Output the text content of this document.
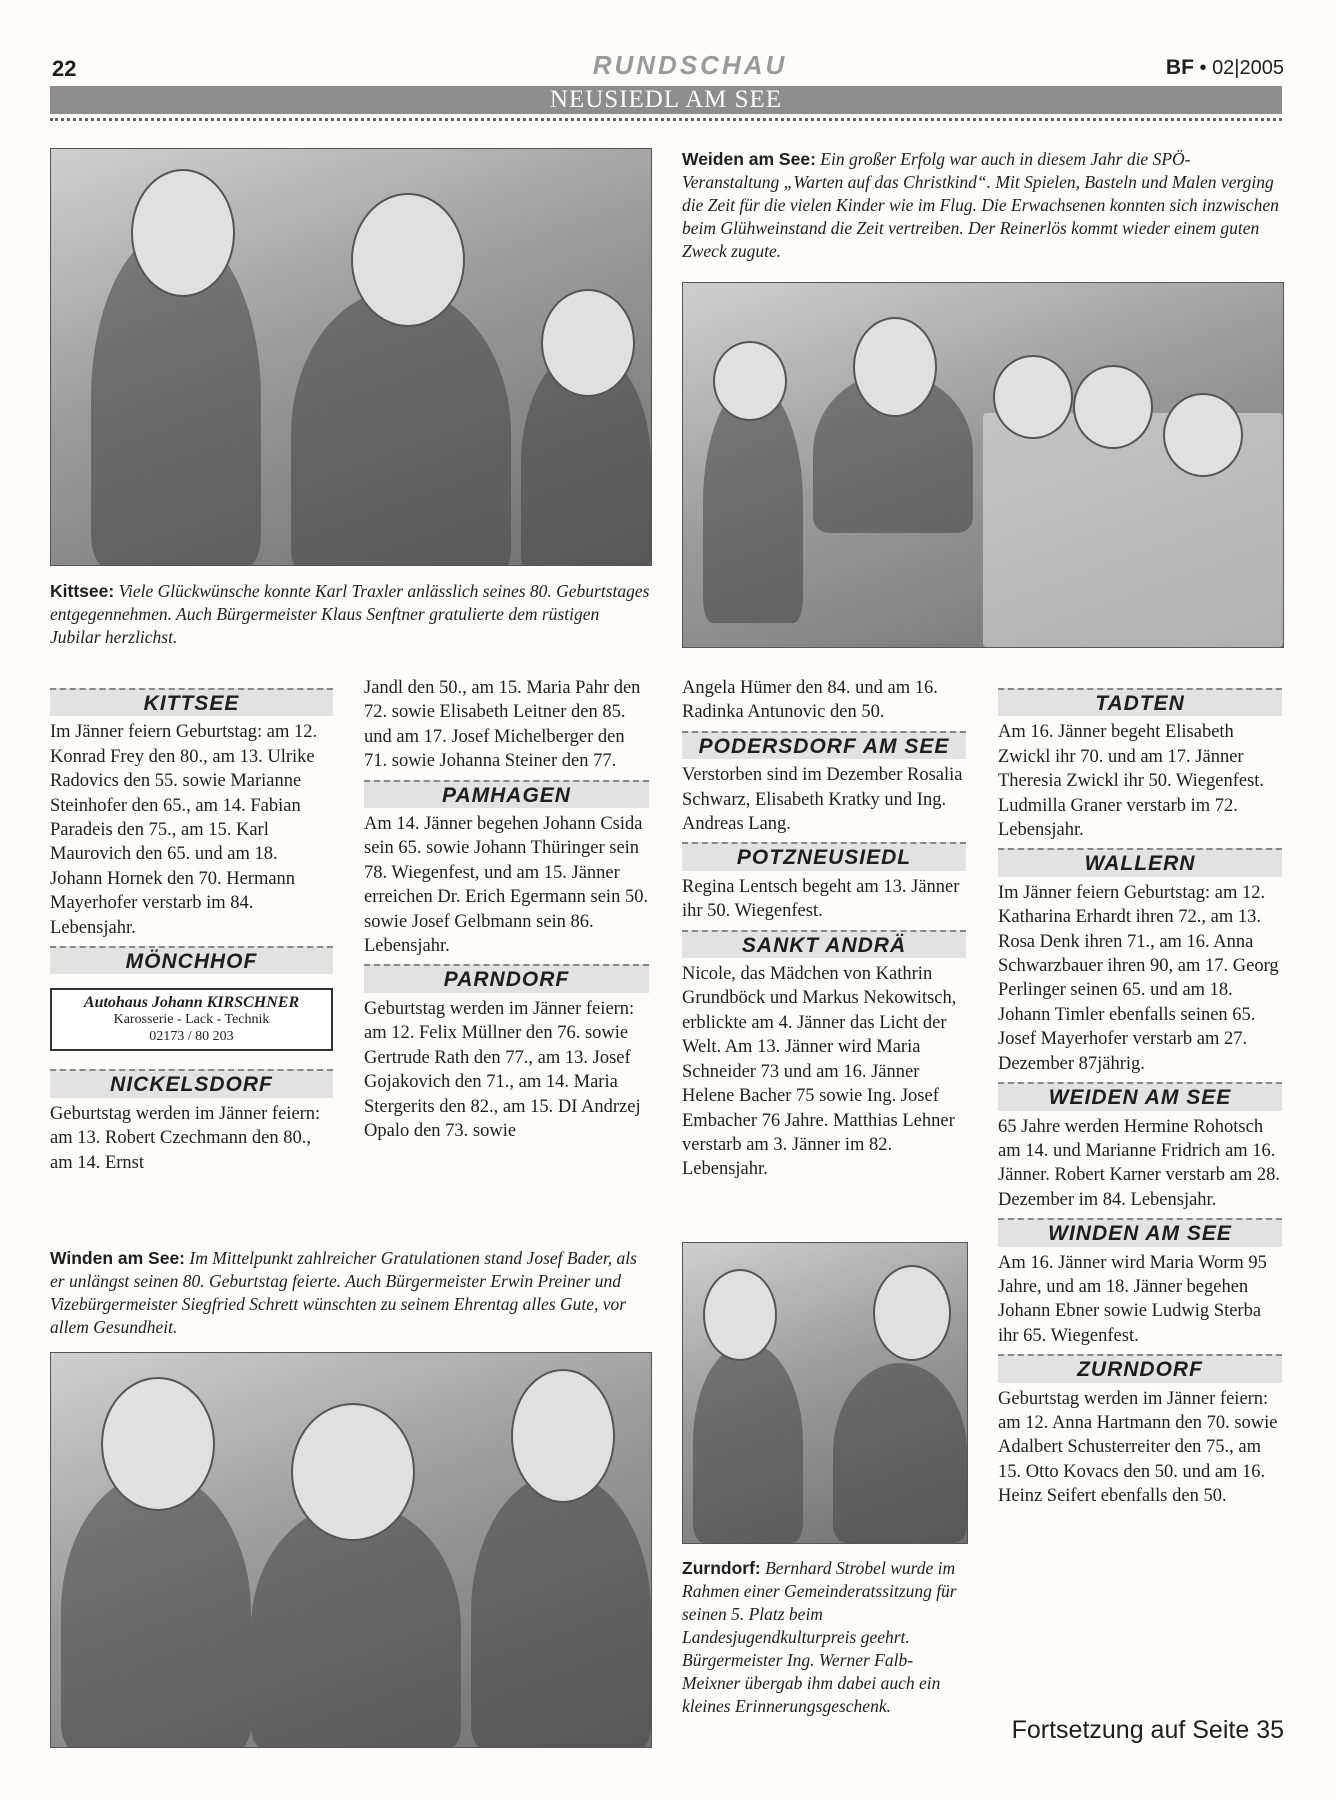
22	RUNDSCHAU	BF • 02|2005
NEUSIEDL AM SEE
Kittsee: Viele Glückwünsche konnte Karl Traxler anlässlich seines 80. Geburtstages entgegennehmen. Auch Bürgermeister Klaus Senftner gratulierte dem rüstigen Jubilar herzlichst.
Weiden am See: Ein großer Erfolg war auch in diesem Jahr die SPÖ-Veranstaltung „Warten auf das Christkind“. Mit Spielen, Basteln und Malen verging die Zeit für die vielen Kinder wie im Flug. Die Erwachsenen konnten sich inzwischen beim Glühweinstand die Zeit vertreiben. Der Reinerlös kommt wieder einem guten Zweck zugute.
KITTSEE

Im Jänner feiern Geburtstag: am 12. Konrad Frey den 80., am 13. Ulrike Radovics den 55. sowie Marianne Steinhofer den 65., am 14. Fabian Paradeis den 75., am 15. Karl Maurovich den 65. und am 18. Johann Hornek den 70. Hermann Mayerhofer verstarb im 84. Lebensjahr.

MÖNCHHOF
Autohaus Johann KIRSCHNER
Karosserie - Lack - Technik
02173 / 80 203
NICKELSDORF

Geburtstag werden im Jänner feiern: am 13. Robert Czechmann den 80., am 14. Ernst

Jandl den 50., am 15. Maria Pahr den 72. sowie Elisabeth Leitner den 85. und am 17. Josef Michelberger den 71. sowie Johanna Steiner den 77.

PAMHAGEN

Am 14. Jänner begehen Johann Csida sein 65. sowie Johann Thüringer sein 78. Wiegenfest, und am 15. Jänner erreichen Dr. Erich Egermann sein 50. sowie Josef Gelbmann sein 86. Lebensjahr.

PARNDORF

Geburtstag werden im Jänner feiern: am 12. Felix Müllner den 76. sowie Gertrude Rath den 77., am 13. Josef Gojakovich den 71., am 14. Maria Stergerits den 82., am 15. DI Andrzej Opalo den 73. sowie

Angela Hümer den 84. und am 16. Radinka Antunovic den 50.

PODERSDORF AM SEE

Verstorben sind im Dezember Rosalia Schwarz, Elisabeth Kratky und Ing. Andreas Lang.

POTZNEUSIEDL

Regina Lentsch begeht am 13. Jänner ihr 50. Wiegenfest.

SANKT ANDRÄ

Nicole, das Mädchen von Kathrin Grundböck und Markus Nekowitsch, erblickte am 4. Jänner das Licht der Welt. Am 13. Jänner wird Maria Schneider 73 und am 16. Jänner Helene Bacher 75 sowie Ing. Josef Embacher 76 Jahre. Matthias Lehner verstarb am 3. Jänner im 82. Lebensjahr.

TADTEN

Am 16. Jänner begeht Elisabeth Zwickl ihr 70. und am 17. Jänner Theresia Zwickl ihr 50. Wiegenfest. Ludmilla Graner verstarb im 72. Lebensjahr.

WALLERN

Im Jänner feiern Geburtstag: am 12. Katharina Erhardt ihren 72., am 13. Rosa Denk ihren 71., am 16. Anna Schwarzbauer ihren 90, am 17. Georg Perlinger seinen 65. und am 18. Johann Timler ebenfalls seinen 65. Josef Mayerhofer verstarb am 27. Dezember 87jährig.

WEIDEN AM SEE

65 Jahre werden Hermine Rohotsch am 14. und Marianne Fridrich am 16. Jänner. Robert Karner verstarb am 28. Dezember im 84. Lebensjahr.

WINDEN AM SEE

Am 16. Jänner wird Maria Worm 95 Jahre, und am 18. Jänner begehen Johann Ebner sowie Ludwig Sterba ihr 65. Wiegenfest.

ZURNDORF

Geburtstag werden im Jänner feiern: am 12. Anna Hartmann den 70. sowie Adalbert Schusterreiter den 75., am 15. Otto Kovacs den 50. und am 16. Heinz Seifert ebenfalls den 50.

Winden am See: Im Mittelpunkt zahlreicher Gratulationen stand Josef Bader, als er unlängst seinen 80. Geburtstag feierte. Auch Bürgermeister Erwin Preiner und Vizebürgermeister Siegfried Schrett wünschten zu seinem Ehrentag alles Gute, vor allem Gesundheit.
Zurndorf: Bernhard Strobel wurde im Rahmen einer Gemeinderatssitzung für seinen 5. Platz beim Landesjugendkulturpreis geehrt. Bürgermeister Ing. Werner Falb-Meixner übergab ihm dabei auch ein kleines Erinnerungsgeschenk.
Fortsetzung auf Seite 35
